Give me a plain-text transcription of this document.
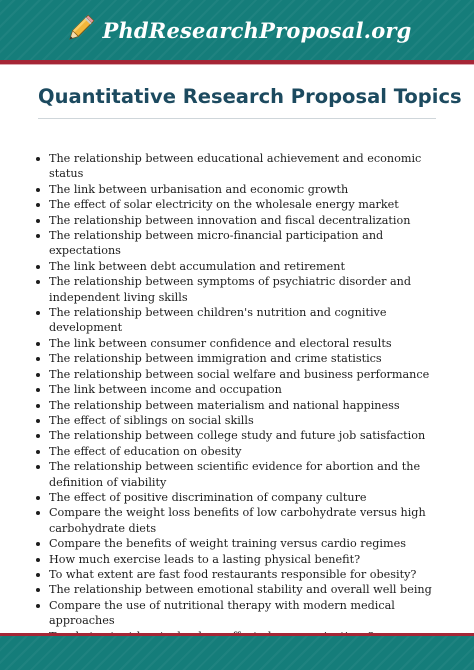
PhdResearchProposal.org
Quantitative Research Proposal Topics
The relationship between educational achievement and economic status
The link between urbanisation and economic growth
The effect of solar electricity on the wholesale energy market
The relationship between innovation and fiscal decentralization
The relationship between micro-financial participation and expectations
The link between debt accumulation and retirement
The relationship between symptoms of psychiatric disorder and independent living skills
The relationship between children's nutrition and cognitive development
The link between consumer confidence and electoral results
The relationship between immigration and crime statistics
The relationship between social welfare and business performance
The link between income and occupation
The relationship between materialism and national happiness
The effect of siblings on social skills
The relationship between college study and future job satisfaction
The effect of education on obesity
The relationship between scientific evidence for abortion and the definition of viability
The effect of positive discrimination of company culture
Compare the weight loss benefits of low carbohydrate versus high carbohydrate diets
Compare the benefits of weight training versus cardio regimes
How much exercise leads to a lasting physical benefit?
To what extent are fast food restaurants responsible for obesity?
The relationship between emotional stability and overall well being
Compare the use of nutritional therapy with modern medical approaches
